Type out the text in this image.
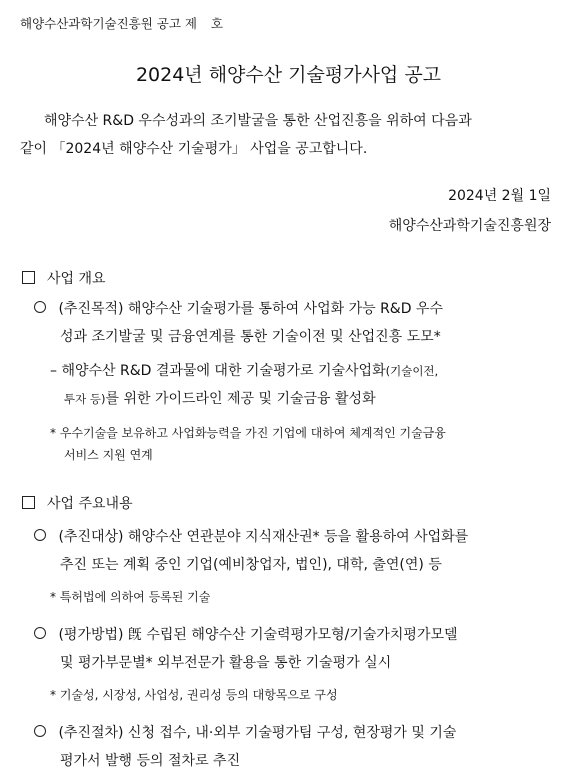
해양수산과학기술진흥원 공고 제 호
2024년 해양수산 기술평가사업 공고
해양수산 R&D 우수성과의 조기발굴을 통한 산업진흥을 위하여 다음과
같이 「2024년 해양수산 기술평가」 사업을 공고합니다.
2024년 2월 1일
해양수산과학기술진흥원장
사업 개요
(추진목적) 해양수산 기술평가를 통하여 사업화 가능 R&D 우수
성과 조기발굴 및 금융연계를 통한 기술이전 및 산업진흥 도모*
– 해양수산 R&D 결과물에 대한 기술평가로 기술사업화(기술이전,
투자 등)를 위한 가이드라인 제공 및 기술금융 활성화
* 우수기술을 보유하고 사업화능력을 가진 기업에 대하여 체계적인 기술금융
서비스 지원 연계
사업 주요내용
(추진대상) 해양수산 연관분야 지식재산권* 등을 활용하여 사업화를
추진 또는 계획 중인 기업(예비창업자, 법인), 대학, 출연(연) 등
* 특허법에 의하여 등록된 기술
(평가방법) 旣 수립된 해양수산 기술력평가모형/기술가치평가모델
및 평가부문별* 외부전문가 활용을 통한 기술평가 실시
* 기술성, 시장성, 사업성, 권리성 등의 대항목으로 구성
(추진절차) 신청 접수, 내·외부 기술평가팀 구성, 현장평가 및 기술
평가서 발행 등의 절차로 추진
